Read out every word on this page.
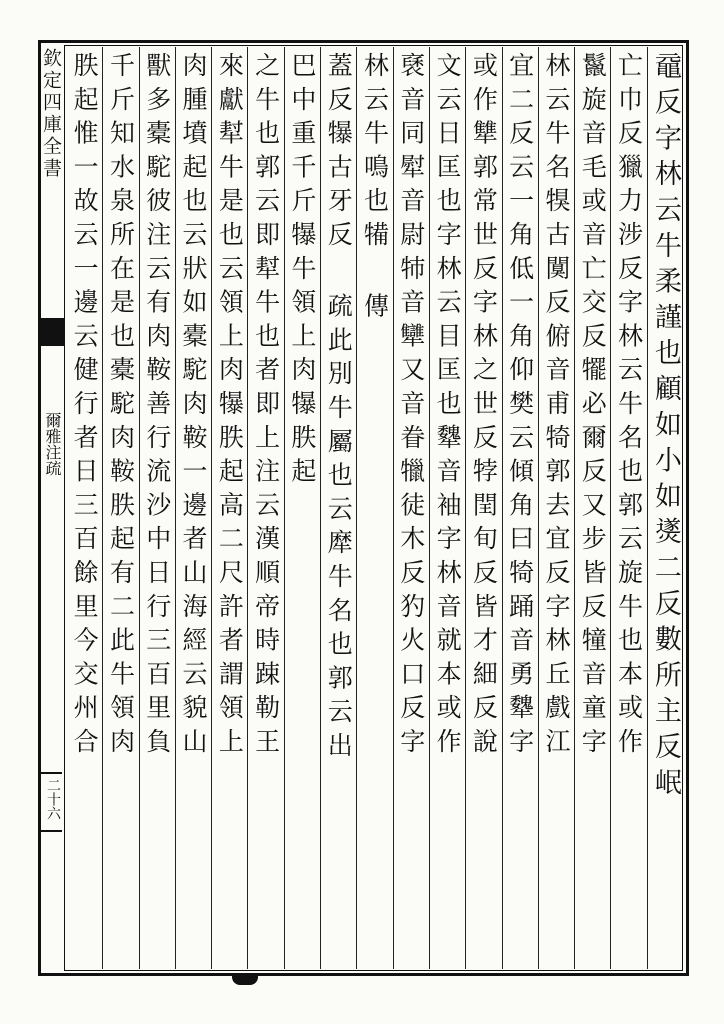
欽定四庫全書
爾雅注疏
二十六	黿反字林云牛柔謹也顧如小如㸂二反數所主反岷
亡巾反獵力涉反字林云牛名也郭云旋牛也本或作
鬣旋音毛或音亡交反犤必爾反又步皆反犝音童字
林云牛名犑古闃反俯音甫犄郭去宜反字林丘戲江
宜二反云一角低一角仰樊云傾角曰犄踊音勇犩字
或作犨郭常世反字林之世反㹀閏旬反皆才細反說
文云日匡也字林云目匡也犩音袖字林音就本或作
褎音同犚音尉㸬音犫又音眷犣徒木反犳火口反字
林云牛鳴也犕 傳
蓋反犦古牙反 疏此別牛屬也云犘牛名也郭云出
巴中重千斤犦牛領上肉犦胅起
之牛也郭云即犎牛也者即上注云漢順帝時踈勒王
來獻犎牛是也云領上肉犦胅起高二尺許者謂領上
肉腫墳起也云狀如橐駝肉鞍一邊者山海經云貌山
獸多橐駝彼注云有肉鞍善行流沙中日行三百里負
千斤知水泉所在是也橐駝肉鞍胅起有二此牛領肉
胅起惟一故云一邊云健行者日三百餘里今交州合
